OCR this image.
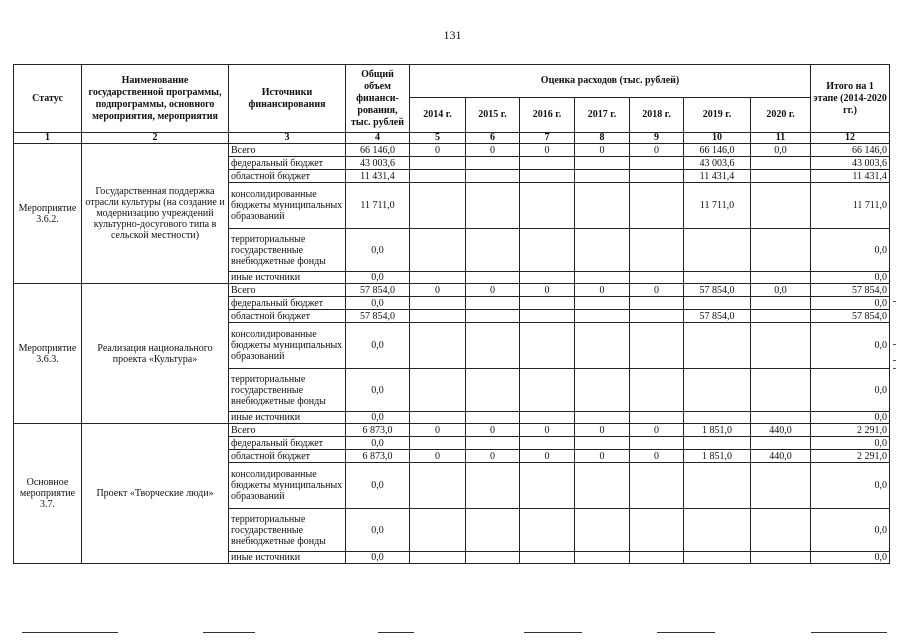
131
Статус	Наименование государственной программы, подпрограммы, основного мероприятия, мероприятия	Источники финансирования	Общий объем финанси-рования, тыс. рублей	Оценка расходов (тыс. рублей)							Итого на 1 этапе (2014-2020 гг.)
				2014 г.	2015 г.	2016 г.	2017 г.	2018 г.	2019 г.	2020 г.	
1	2	3	4	5	6	7	8	9	10	11	12
Мероприятие 3.6.2.	Государственная поддержка отрасли культуры (на создание и модернизацию учреждений культурно-досугового типа в сельской местности)	Всего	66 146,0	0	0	0	0	0	66 146,0	0,0	66 146,0
		федеральный бюджет	43 003,6						43 003,6		43 003,6
		областной бюджет	11 431,4						11 431,4		11 431,4
		консолидированные бюджеты муниципальных образований	11 711,0						11 711,0		11 711,0
		территориальные государственные внебюджетные фонды	0,0								0,0
		иные источники	0,0								0,0
Мероприятие 3.6.3.	Реализация национального проекта «Культура»	Всего	57 854,0	0	0	0	0	0	57 854,0	0,0	57 854,0
		федеральный бюджет	0,0								0,0
		областной бюджет	57 854,0						57 854,0		57 854,0
		консолидированные бюджеты муниципальных образований	0,0								0,0
		территориальные государственные внебюджетные фонды	0,0								0,0
		иные источники	0,0								0,0
Основное мероприятие 3.7.	Проект «Творческие люди»	Всего	6 873,0	0	0	0	0	0	1 851,0	440,0	2 291,0
		федеральный бюджет	0,0								0,0
		областной бюджет	6 873,0	0	0	0	0	0	1 851,0	440,0	2 291,0
		консолидированные бюджеты муниципальных образований	0,0								0,0
		территориальные государственные внебюджетные фонды	0,0								0,0
		иные источники	0,0								0,0
